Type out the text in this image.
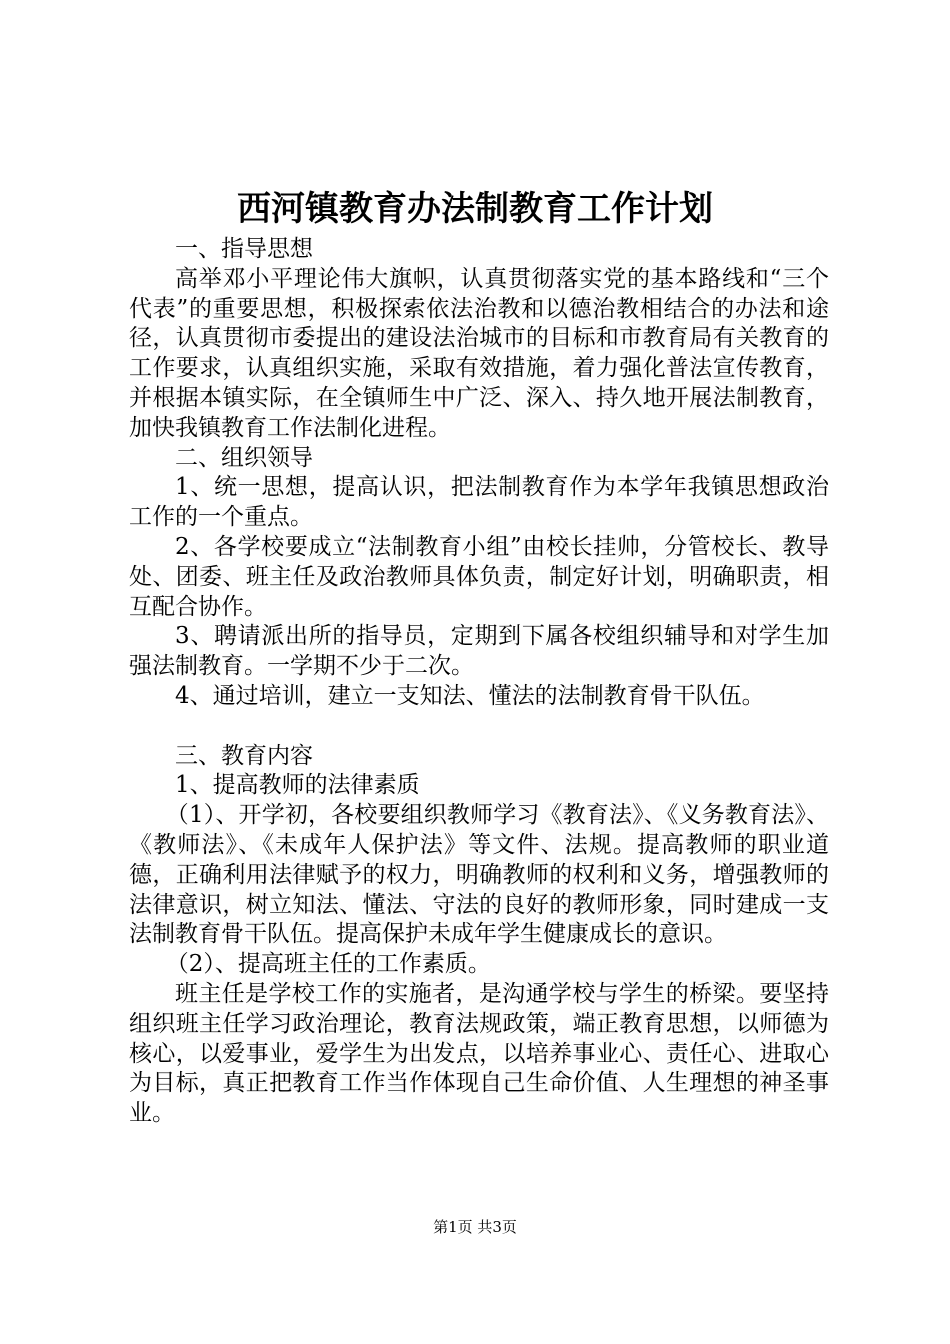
西河镇教育办法制教育工作计划

一、指导思想

高举邓小平理论伟大旗帜，认真贯彻落实党的基本路线和“三个代表”的重要思想，积极探索依法治教和以德治教相结合的办法和途径，认真贯彻市委提出的建设法治城市的目标和市教育局有关教育的工作要求，认真组织实施，采取有效措施，着力强化普法宣传教育，并根据本镇实际，在全镇师生中广泛、深入、持久地开展法制教育，加快我镇教育工作法制化进程。

二、组织领导

1、统一思想，提高认识，把法制教育作为本学年我镇思想政治工作的一个重点。

2、各学校要成立“法制教育小组”由校长挂帅，分管校长、教导处、团委、班主任及政治教师具体负责，制定好计划，明确职责，相互配合协作。

3、聘请派出所的指导员，定期到下属各校组织辅导和对学生加强法制教育。一学期不少于二次。

4、通过培训，建立一支知法、懂法的法制教育骨干队伍。

三、教育内容

1、提高教师的法律素质

（1）、开学初，各校要组织教师学习《教育法》、《义务教育法》、《教师法》、《未成年人保护法》等文件、法规。提高教师的职业道德，正确利用法律赋予的权力，明确教师的权利和义务，增强教师的法律意识，树立知法、懂法、守法的良好的教师形象，同时建成一支法制教育骨干队伍。提高保护未成年学生健康成长的意识。

（2）、提高班主任的工作素质。

班主任是学校工作的实施者，是沟通学校与学生的桥梁。要坚持组织班主任学习政治理论，教育法规政策，端正教育思想，以师德为核心，以爱事业，爱学生为出发点，以培养事业心、责任心、进取心为目标，真正把教育工作当作体现自己生命价值、人生理想的神圣事业。

第1页 共3页
